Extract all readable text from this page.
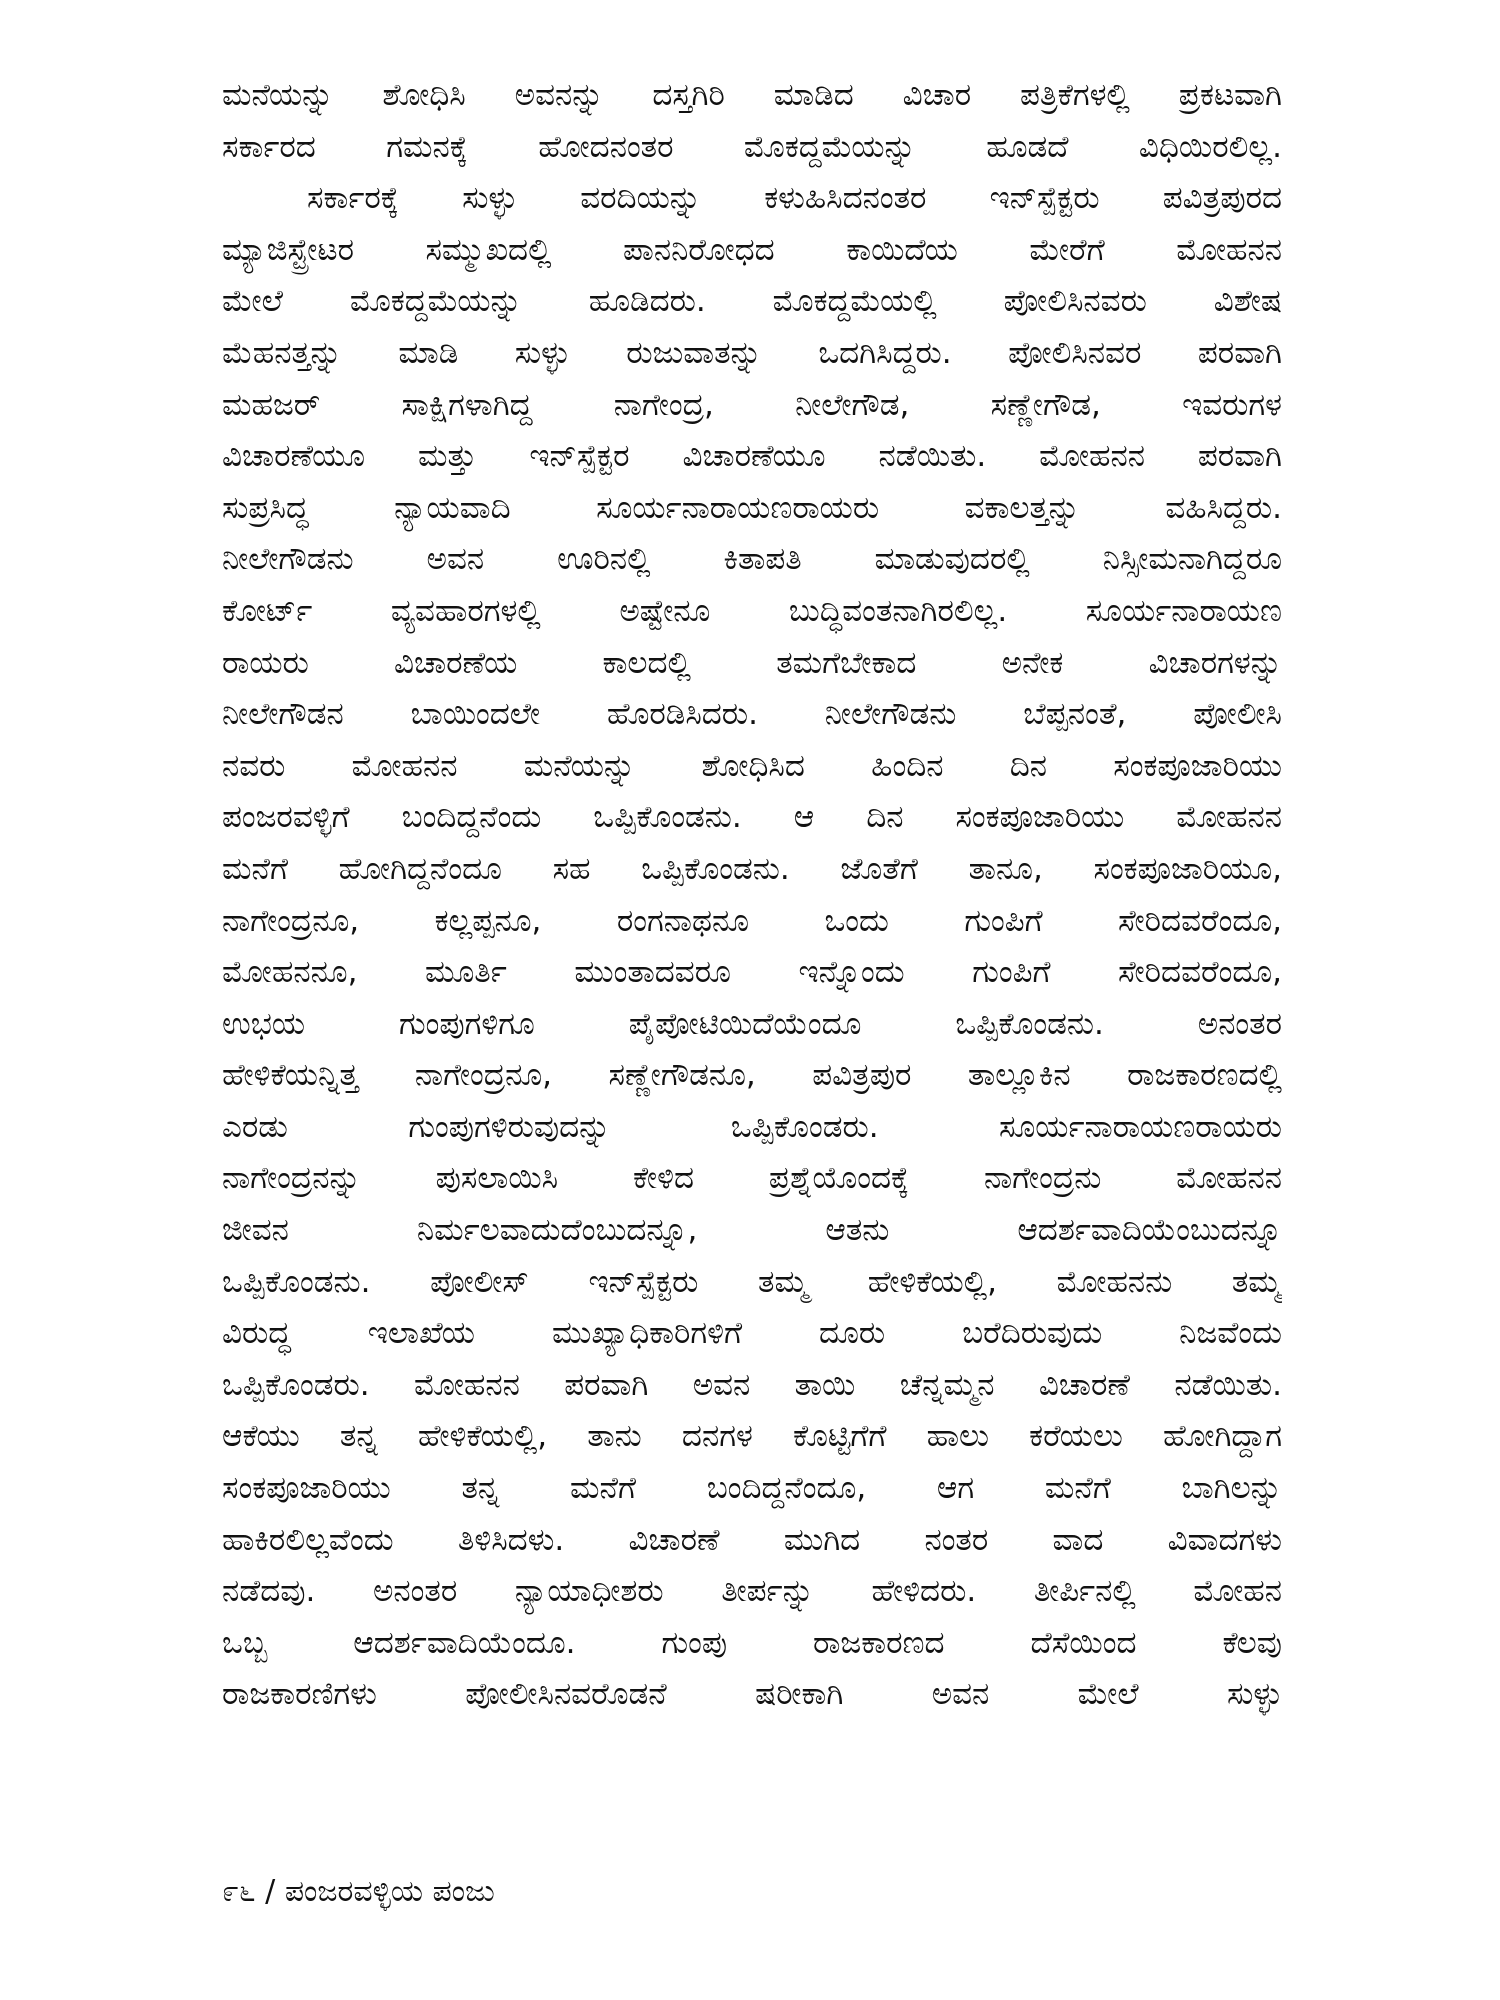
ಮನೆಯನ್ನು ಶೋಧಿಸಿ ಅವನನ್ನು ದಸ್ತಗಿರಿ ಮಾಡಿದ ವಿಚಾರ ಪತ್ರಿಕೆಗಳಲ್ಲಿ ಪ್ರಕಟವಾಗಿ
ಸರ್ಕಾರದ ಗಮನಕ್ಕೆ ಹೋದನಂತರ ಮೊಕದ್ದಮೆಯನ್ನು ಹೂಡದೆ ವಿಧಿಯಿರಲಿಲ್ಲ.
ಸರ್ಕಾರಕ್ಕೆ ಸುಳ್ಳು ವರದಿಯನ್ನು ಕಳುಹಿಸಿದನಂತರ ಇನ್‌ಸ್ಪೆಕ್ಟರು ಪವಿತ್ರಪುರದ
ಮ್ಯಾಜಿಸ್ಟ್ರೇಟರ ಸಮ್ಮುಖದಲ್ಲಿ ಪಾನನಿರೋಧದ ಕಾಯಿದೆಯ ಮೇರೆಗೆ ಮೋಹನನ
ಮೇಲೆ ಮೊಕದ್ದಮೆಯನ್ನು ಹೂಡಿದರು. ಮೊಕದ್ದಮೆಯಲ್ಲಿ ಪೋಲಿಸಿನವರು ವಿಶೇಷ
ಮೆಹನತ್ತನ್ನು ಮಾಡಿ ಸುಳ್ಳು ರುಜುವಾತನ್ನು ಒದಗಿಸಿದ್ದರು. ಪೋಲಿಸಿನವರ ಪರವಾಗಿ
ಮಹಜರ್ ಸಾಕ್ಷಿಗಳಾಗಿದ್ದ ನಾಗೇಂದ್ರ, ನೀಲೇಗೌಡ, ಸಣ್ಣೇಗೌಡ, ಇವರುಗಳ
ವಿಚಾರಣೆಯೂ ಮತ್ತು ಇನ್‌ಸ್ಪೆಕ್ಟರ ವಿಚಾರಣೆಯೂ ನಡೆಯಿತು. ಮೋಹನನ ಪರವಾಗಿ
ಸುಪ್ರಸಿದ್ಧ ನ್ಯಾಯವಾದಿ ಸೂರ್ಯನಾರಾಯಣರಾಯರು ವಕಾಲತ್ತನ್ನು ವಹಿಸಿದ್ದರು.
ನೀಲೇಗೌಡನು ಅವನ ಊರಿನಲ್ಲಿ ಕಿತಾಪತಿ ಮಾಡುವುದರಲ್ಲಿ ನಿಸ್ಸೀಮನಾಗಿದ್ದರೂ
ಕೋರ್ಟ್ ವ್ಯವಹಾರಗಳಲ್ಲಿ ಅಷ್ಟೇನೂ ಬುದ್ಧಿವಂತನಾಗಿರಲಿಲ್ಲ. ಸೂರ್ಯನಾರಾಯಣ
ರಾಯರು ವಿಚಾರಣೆಯ ಕಾಲದಲ್ಲಿ ತಮಗೆಬೇಕಾದ ಅನೇಕ ವಿಚಾರಗಳನ್ನು
ನೀಲೇಗೌಡನ ಬಾಯಿಂದಲೇ ಹೊರಡಿಸಿದರು. ನೀಲೇಗೌಡನು ಬೆಪ್ಪನಂತೆ, ಪೋಲೀಸಿ
ನವರು ಮೋಹನನ ಮನೆಯನ್ನು ಶೋಧಿಸಿದ ಹಿಂದಿನ ದಿನ ಸಂಕಪೂಜಾರಿಯು
ಪಂಜರವಳ್ಳಿಗೆ ಬಂದಿದ್ದನೆಂದು ಒಪ್ಪಿಕೊಂಡನು. ಆ ದಿನ ಸಂಕಪೂಜಾರಿಯು ಮೋಹನನ
ಮನೆಗೆ ಹೋಗಿದ್ದನೆಂದೂ ಸಹ ಒಪ್ಪಿಕೊಂಡನು. ಜೊತೆಗೆ ತಾನೂ, ಸಂಕಪೂಜಾರಿಯೂ,
ನಾಗೇಂದ್ರನೂ, ಕಲ್ಲಪ್ಪನೂ, ರಂಗನಾಥನೂ ಒಂದು ಗುಂಪಿಗೆ ಸೇರಿದವರೆಂದೂ,
ಮೋಹನನೂ, ಮೂರ್ತಿ ಮುಂತಾದವರೂ ಇನ್ನೊಂದು ಗುಂಪಿಗೆ ಸೇರಿದವರೆಂದೂ,
ಉಭಯ ಗುಂಪುಗಳಿಗೂ ಪೈಪೋಟಿಯಿದೆಯೆಂದೂ ಒಪ್ಪಿಕೊಂಡನು. ಅನಂತರ
ಹೇಳಿಕೆಯನ್ನಿತ್ತ ನಾಗೇಂದ್ರನೂ, ಸಣ್ಣೇಗೌಡನೂ, ಪವಿತ್ರಪುರ ತಾಲ್ಲೂಕಿನ ರಾಜಕಾರಣದಲ್ಲಿ
ಎರಡು ಗುಂಪುಗಳಿರುವುದನ್ನು ಒಪ್ಪಿಕೊಂಡರು. ಸೂರ್ಯನಾರಾಯಣರಾಯರು
ನಾಗೇಂದ್ರನನ್ನು ಪುಸಲಾಯಿಸಿ ಕೇಳಿದ ಪ್ರಶ್ನೆಯೊಂದಕ್ಕೆ ನಾಗೇಂದ್ರನು ಮೋಹನನ
ಜೀವನ ನಿರ್ಮಲವಾದುದೆಂಬುದನ್ನೂ, ಆತನು ಆದರ್ಶವಾದಿಯೆಂಬುದನ್ನೂ
ಒಪ್ಪಿಕೊಂಡನು. ಪೋಲೀಸ್ ಇನ್‌ಸ್ಪೆಕ್ಟರು ತಮ್ಮ ಹೇಳಿಕೆಯಲ್ಲಿ, ಮೋಹನನು ತಮ್ಮ
ವಿರುದ್ಧ ಇಲಾಖೆಯ ಮುಖ್ಯಾಧಿಕಾರಿಗಳಿಗೆ ದೂರು ಬರೆದಿರುವುದು ನಿಜವೆಂದು
ಒಪ್ಪಿಕೊಂಡರು. ಮೋಹನನ ಪರವಾಗಿ ಅವನ ತಾಯಿ ಚೆನ್ನಮ್ಮನ ವಿಚಾರಣೆ ನಡೆಯಿತು.
ಆಕೆಯು ತನ್ನ ಹೇಳಿಕೆಯಲ್ಲಿ, ತಾನು ದನಗಳ ಕೊಟ್ಟಿಗೆಗೆ ಹಾಲು ಕರೆಯಲು ಹೋಗಿದ್ದಾಗ
ಸಂಕಪೂಜಾರಿಯು ತನ್ನ ಮನೆಗೆ ಬಂದಿದ್ದನೆಂದೂ, ಆಗ ಮನೆಗೆ ಬಾಗಿಲನ್ನು
ಹಾಕಿರಲಿಲ್ಲವೆಂದು ತಿಳಿಸಿದಳು. ವಿಚಾರಣೆ ಮುಗಿದ ನಂತರ ವಾದ ವಿವಾದಗಳು
ನಡೆದವು. ಅನಂತರ ನ್ಯಾಯಾಧೀಶರು ತೀರ್ಪನ್ನು ಹೇಳಿದರು. ತೀರ್ಪಿನಲ್ಲಿ ಮೋಹನ
ಒಬ್ಬ ಆದರ್ಶವಾದಿಯೆಂದೂ. ಗುಂಪು ರಾಜಕಾರಣದ ದೆಸೆಯಿಂದ ಕೆಲವು
ರಾಜಕಾರಣಿಗಳು ಪೋಲೀಸಿನವರೊಡನೆ ಷರೀಕಾಗಿ ಅವನ ಮೇಲೆ ಸುಳ್ಳು
೯೬ / ಪಂಜರವಳ್ಳಿಯ ಪಂಜು
